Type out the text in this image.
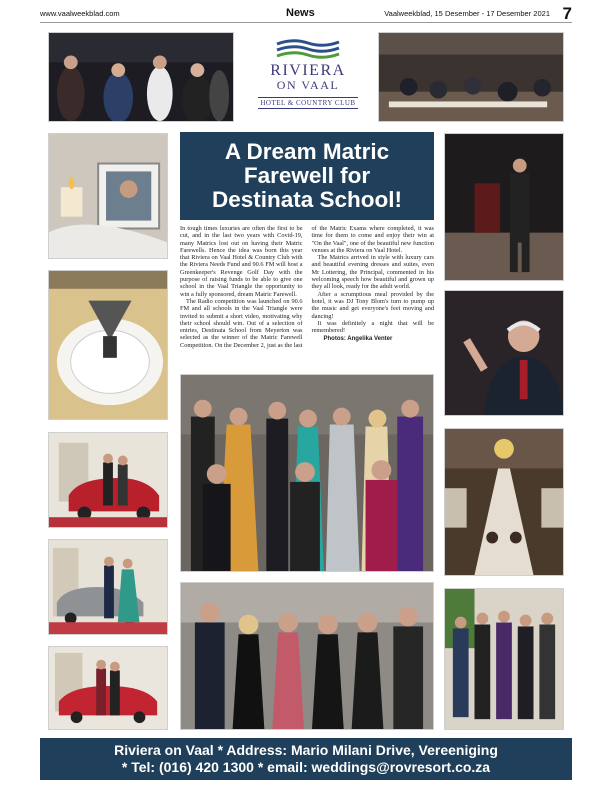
www.vaalweekblad.com	News	Vaalweekblad, 15 Desember - 17 Desember 2021 7
RIVIERA
ON VAAL
HOTEL & COUNTRY CLUB
A Dream Matric
Farewell for
Destinata School!

In tough times luxuries are often the first to be cut, and in the last two years with Covid-19, many Matrics lost out on having their Matric Farewells. Hence the idea was born this year that Riviera on Vaal Hotel & Country Club with the Riviera Needs Fund and 90.6 FM will host a Greenkeeper's Revenge Golf Day with the purpose of raising funds to be able to give one school in the Vaal Triangle the opportunity to win a fully sponsored, dream Matric Farewell.

The Radio competition was launched on 90.6 FM and all schools in the Vaal Triangle were invited to submit a short video, motivating why their school should win. Out of a selection of entries, Destinata School from Meyerton was selected as the winner of the Matric Farewell Competition. On the December 2, just as the last of the Matric Exams where completed, it was time for them to come and enjoy their win at "On the Vaal", one of the beautiful new function venues at the Riviera on Vaal Hotel.

The Matrics arrived in style with luxury cars and beautiful evening dresses and suites, even Mr Lottering, the Principal, commented in his welcoming speech how beautiful and grown up they all look, ready for the adult world.

After a scrumptious meal provided by the hotel, it was DJ Tony Blom's turn to pump up the music and get everyone's feet moving and dancing!

It was definitely a night that will be remembered!

Photos: Angelika Venter

Riviera on Vaal * Address: Mario Milani Drive, Vereeniging
* Tel: (016) 420 1300 * email: weddings@rovresort.co.za
